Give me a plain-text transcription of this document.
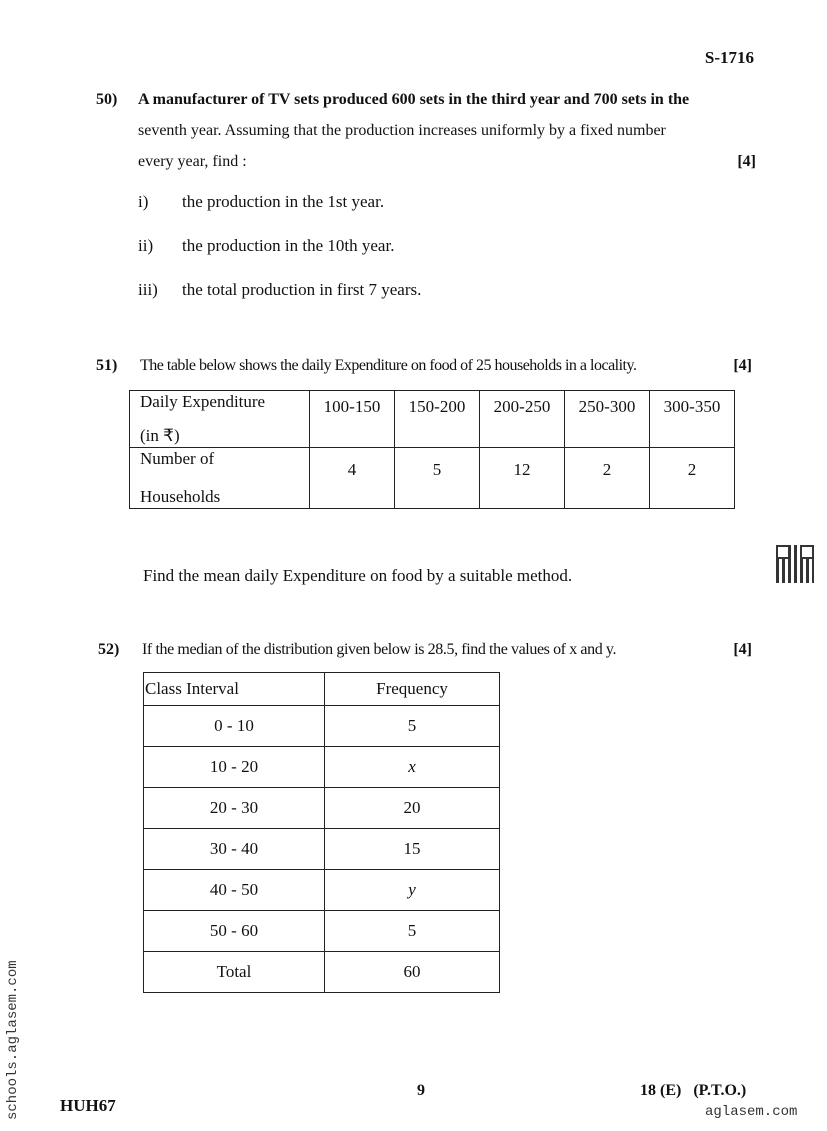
S-1716
50) A manufacturer of TV sets produced 600 sets in the third year and 700 sets in the
seventh year. Assuming that the production increases uniformly by a fixed number
every year, find :	[4]
i) the production in the 1st year.
ii) the production in the 10th year.
iii) the total production in first 7 years.
51)	The table below shows the daily Expenditure on food of 25 households in a locality.	[4]
Daily Expenditure
(in ₹)	100-150	150-200	200-250	250-300	300-350

Number of
Households	4	5	12	2	2
Find the mean daily Expenditure on food by a suitable method.
52)	If the median of the distribution given below is 28.5, find the values of x and y.	[4]
Class Interval	Frequency
0 - 10	5
10 - 20	x
20 - 30	20
30 - 40	15
40 - 50	y
50 - 60	5
Total	60
HUH67
9	18 (E)   (P.T.O.)
schools.aglasem.com	aglasem.com
